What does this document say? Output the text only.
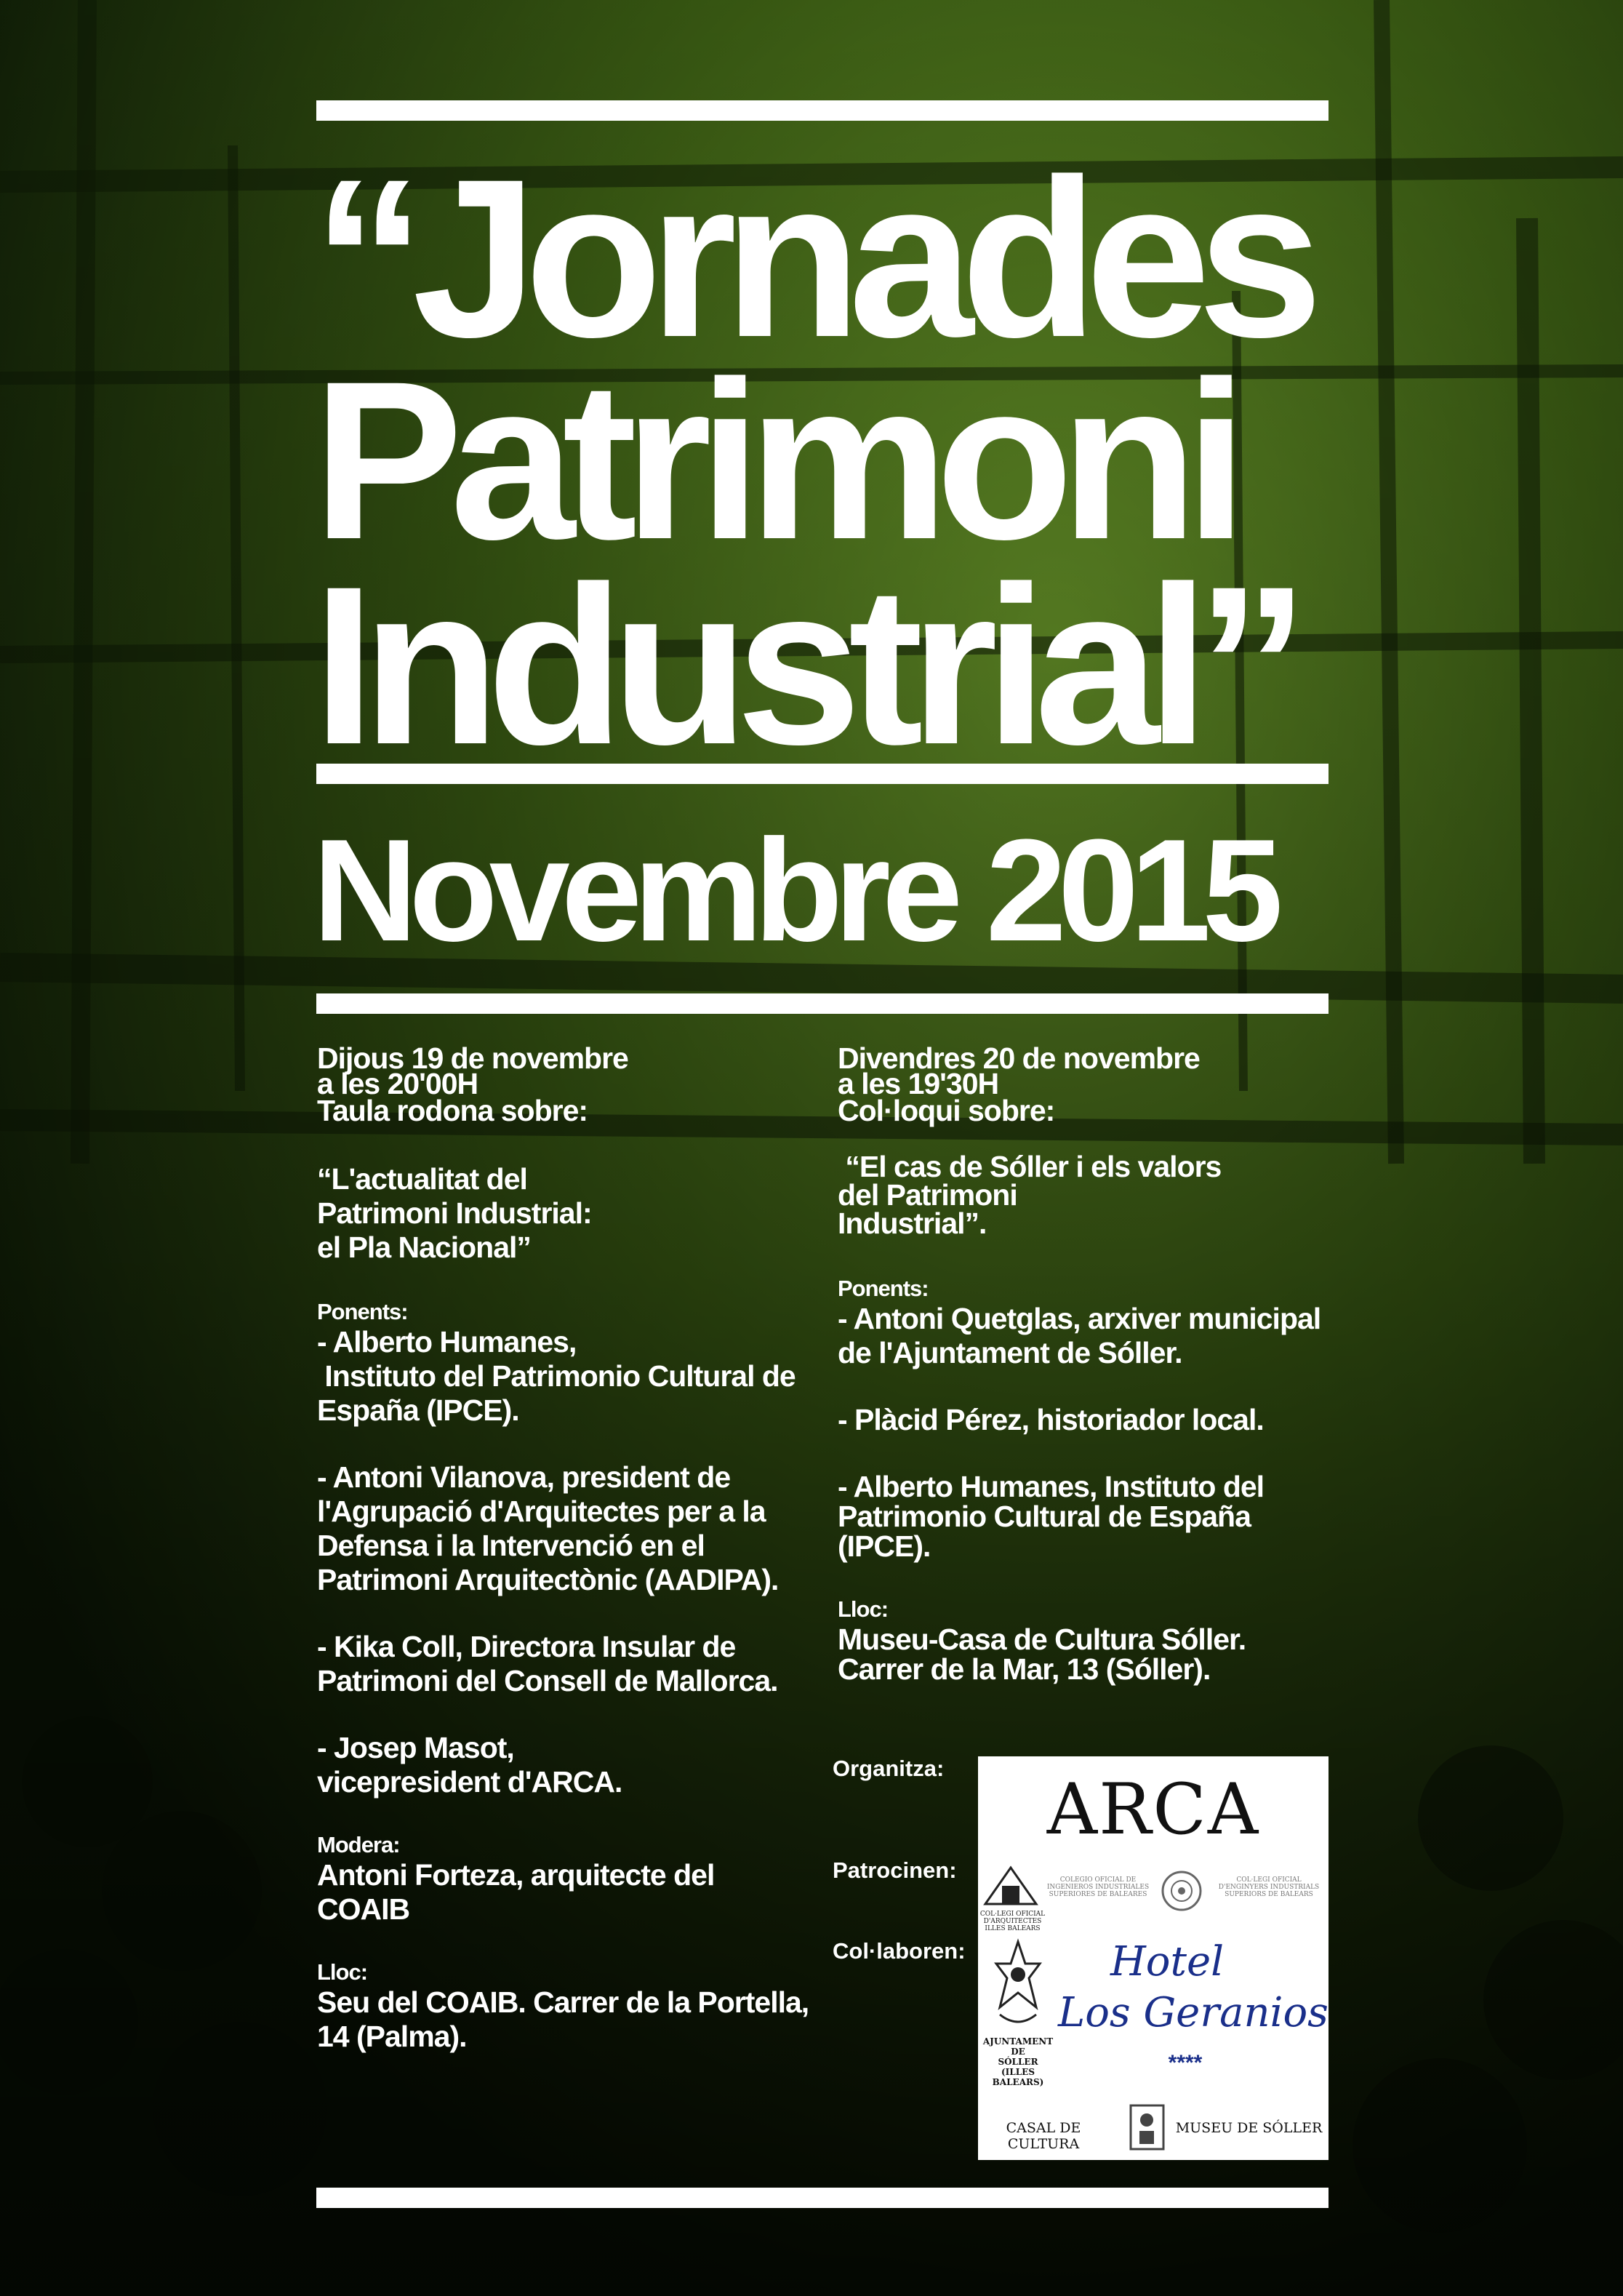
“Jornades
Patrimoni
Industrial”
Novembre 2015

Dijous 19 de novembre

a les 20'00H

Taula rodona sobre:

“L'actualitat del

Patrimoni Industrial:

el Pla Nacional”

Ponents:

- Alberto Humanes,

Instituto del Patrimonio Cultural de

España (IPCE).

- Antoni Vilanova, president de

l'Agrupació d'Arquitectes per a la

Defensa i la Intervenció en el

Patrimoni Arquitectònic (AADIPA).

- Kika Coll, Directora Insular de

Patrimoni del Consell de Mallorca.

- Josep Masot,

vicepresident d'ARCA.

Modera:

Antoni Forteza, arquitecte del

COAIB

Lloc:

Seu del COAIB. Carrer de la Portella,

14 (Palma).

Divendres 20 de novembre

a les 19'30H

Col·loqui sobre:

“El cas de Sóller i els valors

del Patrimoni

Industrial”.

Ponents:

- Antoni Quetglas, arxiver municipal

de l'Ajuntament de Sóller.

- Plàcid Pérez, historiador local.

- Alberto Humanes, Instituto del

Patrimonio Cultural de España

(IPCE).

Lloc:

Museu-Casa de Cultura Sóller.

Carrer de la Mar, 13 (Sóller).

Organitza:
Patrocinen:
Col·laboren:
ARCA
COL·LEGI OFICIAL
D'ARQUITECTES
ILLES BALEARS
COLEGIO OFICIAL DE
INGENIEROS INDUSTRIALES
SUPERIORES DE BALEARES
COL·LEGI OFICIAL
D'ENGINYERS INDUSTRIALS
SUPERIORS DE BALEARS
AJUNTAMENT
DE
SÓLLER
(ILLES BALEARS)
Hotel
Los Geranios
****
CASAL DE CULTURA
MUSEU DE SÓLLER
